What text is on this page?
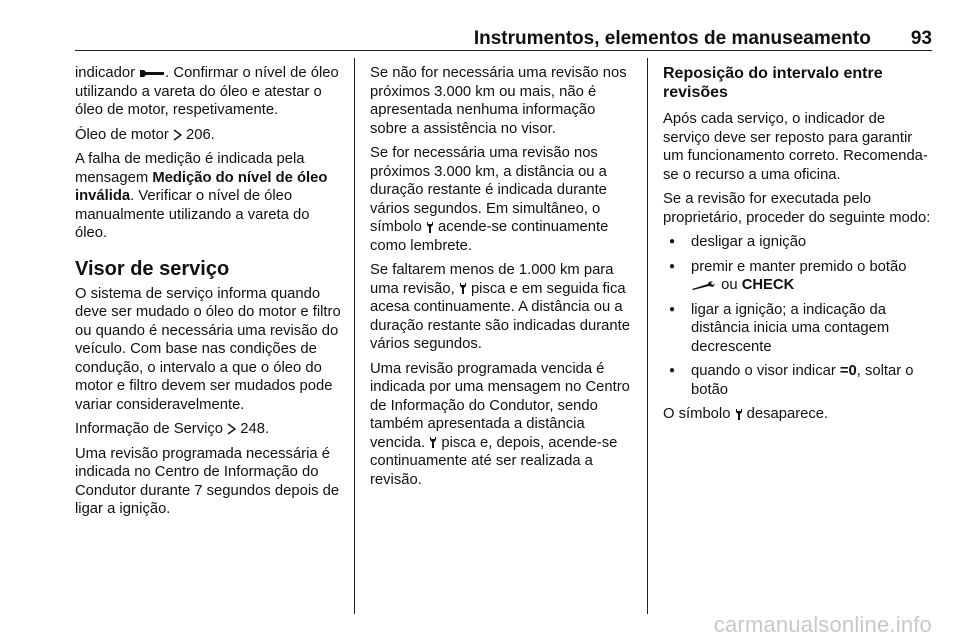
Instrumentos, elementos de manuseamento 93

indicador . Confirmar o nível de óleo utilizando a vareta do óleo e atestar o óleo de motor, respetivamente.

Óleo de motor  206.

A falha de medição é indicada pela mensagem Medição do nível de óleo inválida. Verificar o nível de óleo manualmente utilizando a vareta do óleo.

Visor de serviço

O sistema de serviço informa quando deve ser mudado o óleo do motor e filtro ou quando é necessária uma revisão do veículo. Com base nas condições de condução, o intervalo a que o óleo do motor e filtro devem ser mudados pode variar consideravelmente.

Informação de Serviço  248.

Uma revisão programada necessária é indicada no Centro de Informação do Condutor durante 7 segundos depois de ligar a ignição.

Se não for necessária uma revisão nos próximos 3.000 km ou mais, não é apresentada nenhuma informação sobre a assistência no visor.

Se for necessária uma revisão nos próximos 3.000 km, a distância ou a duração restante é indicada durante vários segundos. Em simultâneo, o símbolo  acende-se continuamente como lembrete.

Se faltarem menos de 1.000 km para uma revisão,  pisca e em seguida fica acesa continuamente. A distância ou a duração restante são indicadas durante vários segundos.

Uma revisão programada vencida é indicada por uma mensagem no Centro de Informação do Condutor, sendo também apresentada a distância vencida.  pisca e, depois, acende-se continuamente até ser realizada a revisão.

Reposição do intervalo entre revisões

Após cada serviço, o indicador de serviço deve ser reposto para garantir um funcionamento correto. Recomenda-se o recurso a uma oficina.

Se a revisão for executada pelo proprietário, proceder do seguinte modo:

● desligar a ignição
● premir e manter premido o botão  ou CHECK
● ligar a ignição; a indicação da distância inicia uma contagem decrescente
● quando o visor indicar =0, soltar o botão

O símbolo  desaparece.

carmanualsonline.info
